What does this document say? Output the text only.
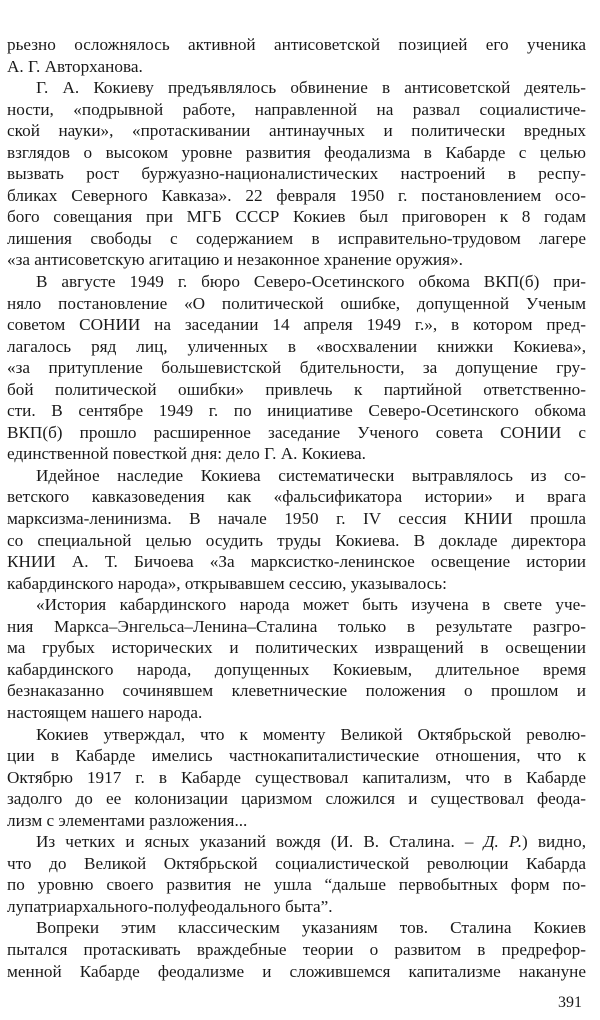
рьезно осложнялось активной антисоветской позицией его ученика
А. Г. Авторханова.
Г. А. Кокиеву предъявлялось обвинение в антисоветской деятель-
ности, «подрывной работе, направленной на развал социалистиче-
ской науки», «протаскивании антинаучных и политически вредных
взглядов о высоком уровне развития феодализма в Кабарде с целью
вызвать рост буржуазно-националистических настроений в респу-
бликах Северного Кавказа». 22 февраля 1950 г. постановлением осо-
бого совещания при МГБ СССР Кокиев был приговорен к 8 годам
лишения свободы с содержанием в исправительно-трудовом лагере
«за антисоветскую агитацию и незаконное хранение оружия».
В августе 1949 г. бюро Северо-Осетинского обкома ВКП(б) при-
няло постановление «О политической ошибке, допущенной Ученым
советом СОНИИ на заседании 14 апреля 1949 г.», в котором пред-
лагалось ряд лиц, уличенных в «восхвалении книжки Кокиева»,
«за притупление большевистской бдительности, за допущение гру-
бой политической ошибки» привлечь к партийной ответственно-
сти. В сентябре 1949 г. по инициативе Северо-Осетинского обкома
ВКП(б) прошло расширенное заседание Ученого совета СОНИИ с
единственной повесткой дня: дело Г. А. Кокиева.
Идейное наследие Кокиева систематически вытравлялось из со-
ветского кавказоведения как «фальсификатора истории» и врага
марксизма-ленинизма. В начале 1950 г. IV сессия КНИИ прошла
со специальной целью осудить труды Кокиева. В докладе директора
КНИИ А. Т. Бичоева «За марксистко-ленинское освещение истории
кабардинского народа», открывавшем сессию, указывалось:
«История кабардинского народа может быть изучена в свете уче-
ния Маркса–Энгельса–Ленина–Сталина только в результате разгро-
ма грубых исторических и политических извращений в освещении
кабардинского народа, допущенных Кокиевым, длительное время
безнаказанно сочинявшем клеветнические положения о прошлом и
настоящем нашего народа.
Кокиев утверждал, что к моменту Великой Октябрьской револю-
ции в Кабарде имелись частнокапиталистические отношения, что к
Октябрю 1917 г. в Кабарде существовал капитализм, что в Кабарде
задолго до ее колонизации царизмом сложился и существовал феода-
лизм с элементами разложения...
Из четких и ясных указаний вождя (И. В. Сталина. – Д. Р.) видно,
что до Великой Октябрьской социалистической революции Кабарда
по уровню своего развития не ушла “дальше первобытных форм по-
лупатриархального-полуфеодального быта”.
Вопреки этим классическим указаниям тов. Сталина Кокиев
пытался протаскивать враждебные теории о развитом в предрефор-
менной Кабарде феодализме и сложившемся капитализме накануне
391
